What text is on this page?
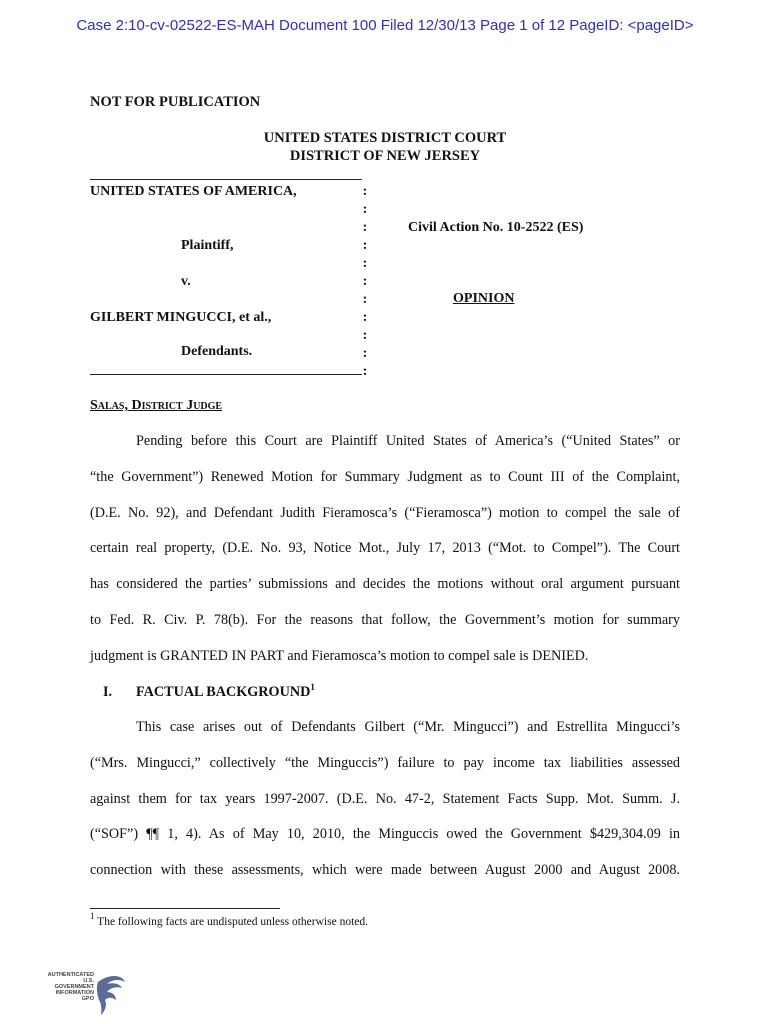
Case 2:10-cv-02522-ES-MAH Document 100 Filed 12/30/13 Page 1 of 12 PageID: <pageID>
NOT FOR PUBLICATION
UNITED STATES DISTRICT COURT
DISTRICT OF NEW JERSEY
UNITED STATES OF AMERICA,
Plaintiff,
v.
GILBERT MINGUCCI, et al.,
Defendants.
:
:
:
:
:
:
:
:
:
:
:
Civil Action No. 10-2522 (ES)
OPINION
Salas, District Judge
Pending before this Court are Plaintiff United States of America’s (“United States” or
“the Government”) Renewed Motion for Summary Judgment as to Count III of the Complaint,
(D.E. No. 92), and Defendant Judith Fieramosca’s (“Fieramosca”) motion to compel the sale of
certain real property, (D.E. No. 93, Notice Mot., July 17, 2013 (“Mot. to Compel”). The Court
has considered the parties’ submissions and decides the motions without oral argument pursuant
to Fed. R. Civ. P. 78(b). For the reasons that follow, the Government’s motion for summary
judgment is GRANTED IN PART and Fieramosca’s motion to compel sale is DENIED.
I. FACTUAL BACKGROUND$^1$
This case arises out of Defendants Gilbert (“Mr. Mingucci”) and Estrellita Mingucci’s
(“Mrs. Mingucci,” collectively “the Minguccis”) failure to pay income tax liabilities assessed
against them for tax years 1997-2007. (D.E. No. 47-2, Statement Facts Supp. Mot. Summ. J.
(“SOF”) ¶¶ 1, 4). As of May 10, 2010, the Minguccis owed the Government $429,304.09 in
connection with these assessments, which were made between August 2000 and August 2008.
$^1$ The following facts are undisputed unless otherwise noted.
AUTHENTICATED
U.S. GOVERNMENT
INFORMATION
GPO
